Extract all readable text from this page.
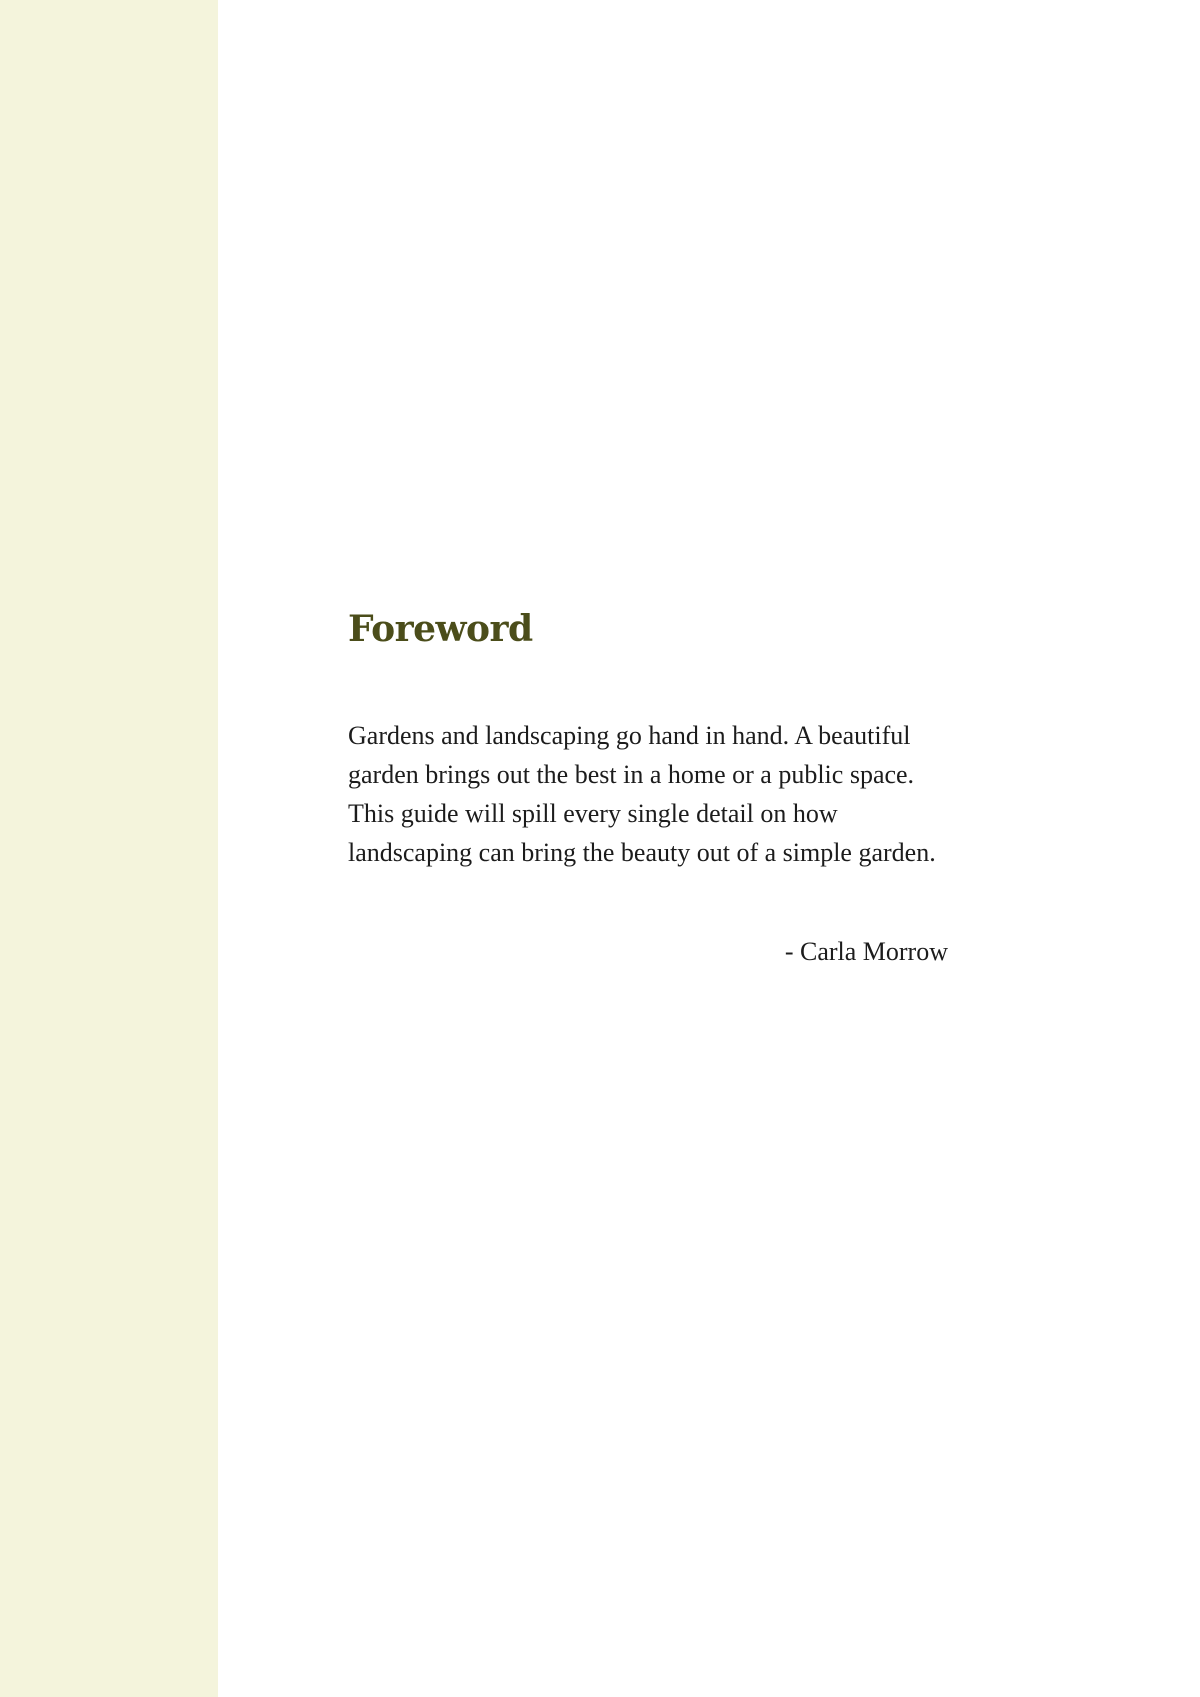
Foreword

Gardens and landscaping go hand in hand. A beautiful garden brings out the best in a home or a public space. This guide will spill every single detail on how landscaping can bring the beauty out of a simple garden.

- Carla Morrow
